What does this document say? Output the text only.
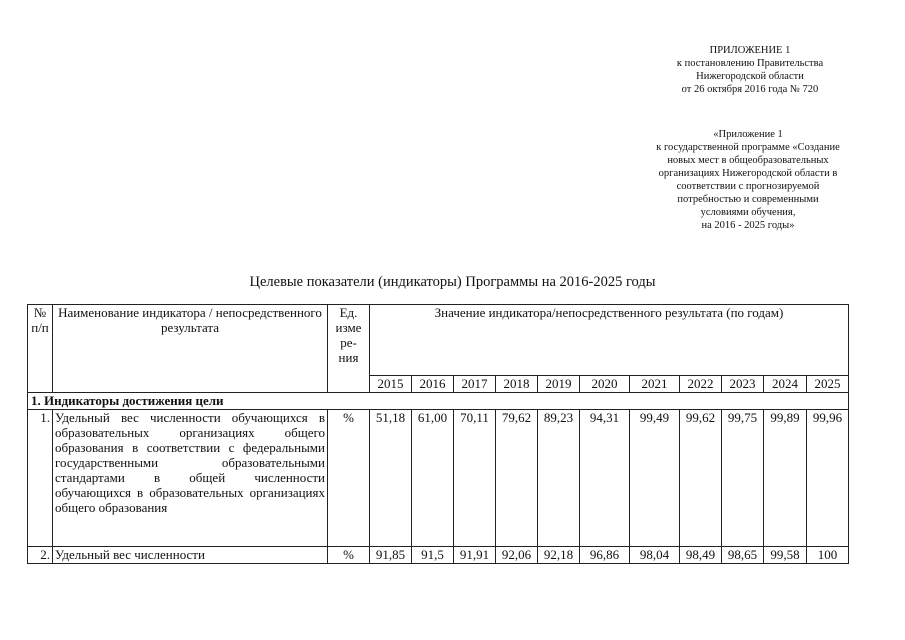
ПРИЛОЖЕНИЕ 1
к постановлению Правительства
Нижегородской области
от 26 октября 2016 года № 720
«Приложение 1
к государственной программе «Создание
новых мест в общеобразовательных
организациях Нижегородской области в
соответствии с прогнозируемой
потребностью и современными
условиями обучения,
на 2016 - 2025 годы»
Целевые показатели (индикаторы) Программы на 2016-2025 годы
№ п/п	Наименование индикатора / непосредственного результата	Ед. изме ре- ния	Значение индикатора/непосредственного результата (по годам)										
			2015	2016	2017	2018	2019	2020	2021	2022	2023	2024	2025
1. Индикаторы достижения цели													
1.	Удельный вес численности обучающихся в образовательных организациях общего образования в соответствии с федеральными государственными образовательными стандартами в общей численности обучающихся в образовательных организациях общего образования	%	51,18	61,00	70,11	79,62	89,23	94,31	99,49	99,62	99,75	99,89	99,96
2.	Удельный вес численности	%	91,85	91,5	91,91	92,06	92,18	96,86	98,04	98,49	98,65	99,58	100
